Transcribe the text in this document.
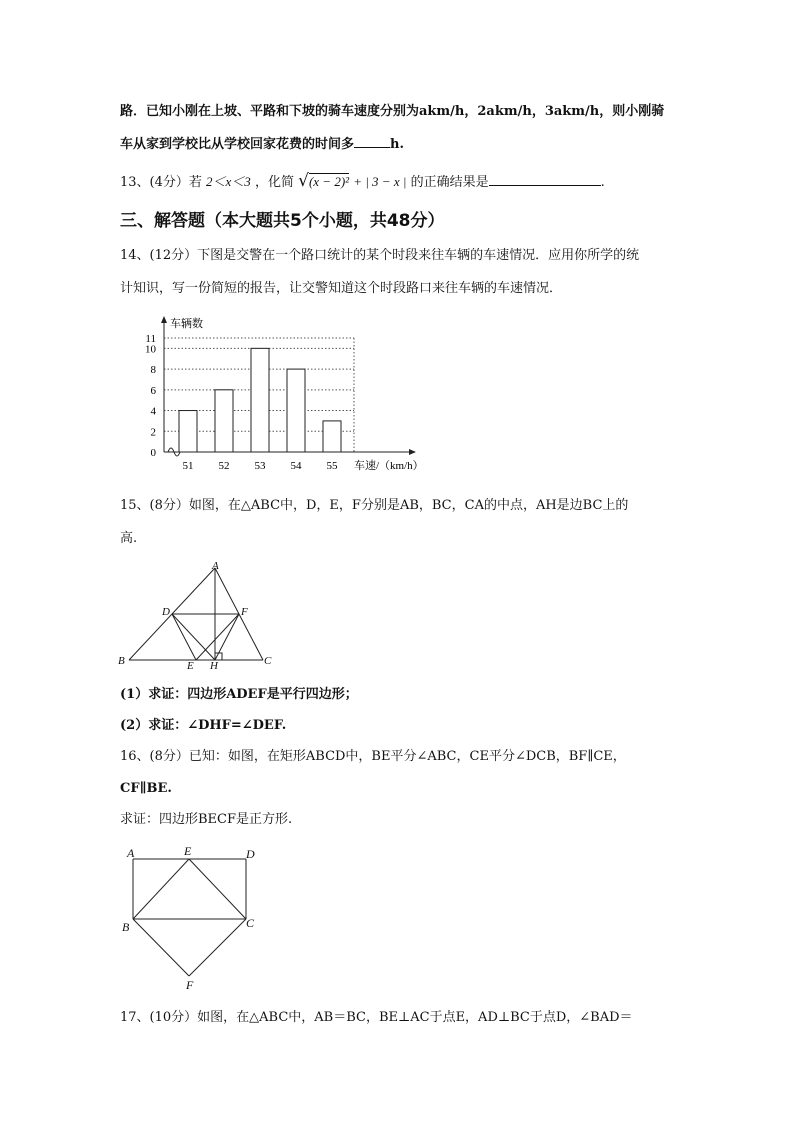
路．已知小刚在上坡、平路和下坡的骑车速度分别为akm/h，2akm/h，3akm/h，则小刚骑
车从家到学校比从学校回家花费的时间多	h.
13、(4分）若 2＜x＜3 ，化简 √(x − 2)² + | 3 − x | 的正确结果是	.
三、解答题（本大题共5个小题，共48分）
14、(12分）下图是交警在一个路口统计的某个时段来往车辆的车速情况．应用你所学的统
计知识，写一份简短的报告，让交警知道这个时段路口来往车辆的车速情况．
车辆数
0
2
4
6
8
10
11
51 52 53 54 55 车速/（km/h）
15、(8分）如图，在△ABC中，D，E，F分别是AB，BC，CA的中点，AH是边BC上的
高.
A
B	C
D
E
F
H
(1）求证：四边形ADEF是平行四边形；
(2）求证：∠DHF=∠DEF.
16、(8分）已知：如图，在矩形ABCD中，BE平分∠ABC，CE平分∠DCB，BF∥CE，
CF∥BE.
求证：四边形BECF是正方形.
A	E	D
B	C
F
17、(10分）如图，在△ABC中，AB＝BC，BE⊥AC于点E，AD⊥BC于点D，∠BAD＝
